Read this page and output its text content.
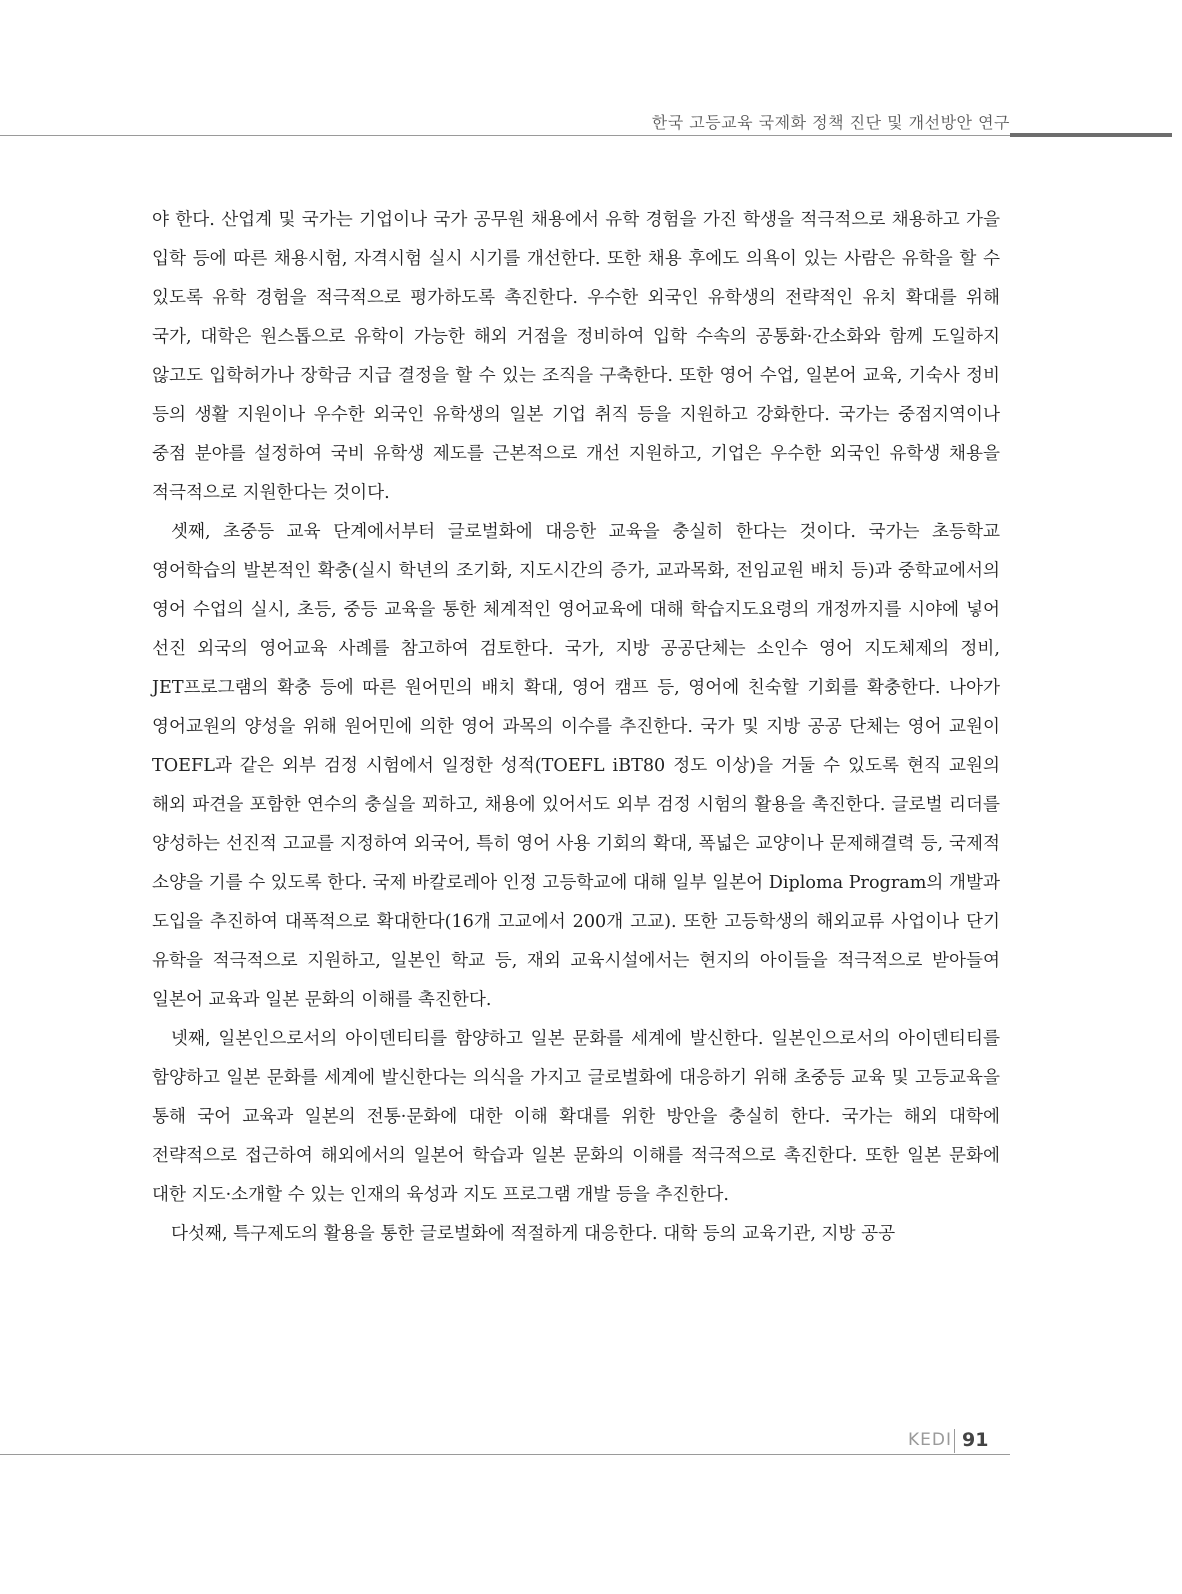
한국 고등교육 국제화 정책 진단 및 개선방안 연구

야 한다. 산업계 및 국가는 기업이나 국가 공무원 채용에서 유학 경험을 가진 학생을 적극적으로 채용하고 가을 입학 등에 따른 채용시험, 자격시험 실시 시기를 개선한다. 또한 채용 후에도 의욕이 있는 사람은 유학을 할 수 있도록 유학 경험을 적극적으로 평가하도록 촉진한다. 우수한 외국인 유학생의 전략적인 유치 확대를 위해 국가, 대학은 원스톱으로 유학이 가능한 해외 거점을 정비하여 입학 수속의 공통화·간소화와 함께 도일하지 않고도 입학허가나 장학금 지급 결정을 할 수 있는 조직을 구축한다. 또한 영어 수업, 일본어 교육, 기숙사 정비 등의 생활 지원이나 우수한 외국인 유학생의 일본 기업 취직 등을 지원하고 강화한다. 국가는 중점지역이나 중점 분야를 설정하여 국비 유학생 제도를 근본적으로 개선 지원하고, 기업은 우수한 외국인 유학생 채용을 적극적으로 지원한다는 것이다.

셋째, 초중등 교육 단계에서부터 글로벌화에 대응한 교육을 충실히 한다는 것이다. 국가는 초등학교 영어학습의 발본적인 확충(실시 학년의 조기화, 지도시간의 증가, 교과목화, 전임교원 배치 등)과 중학교에서의 영어 수업의 실시, 초등, 중등 교육을 통한 체계적인 영어교육에 대해 학습지도요령의 개정까지를 시야에 넣어 선진 외국의 영어교육 사례를 참고하여 검토한다. 국가, 지방 공공단체는 소인수 영어 지도체제의 정비, JET프로그램의 확충 등에 따른 원어민의 배치 확대, 영어 캠프 등, 영어에 친숙할 기회를 확충한다. 나아가 영어교원의 양성을 위해 원어민에 의한 영어 과목의 이수를 추진한다. 국가 및 지방 공공 단체는 영어 교원이 TOEFL과 같은 외부 검정 시험에서 일정한 성적(TOEFL iBT80 정도 이상)을 거둘 수 있도록 현직 교원의 해외 파견을 포함한 연수의 충실을 꾀하고, 채용에 있어서도 외부 검정 시험의 활용을 촉진한다. 글로벌 리더를 양성하는 선진적 고교를 지정하여 외국어, 특히 영어 사용 기회의 확대, 폭넓은 교양이나 문제해결력 등, 국제적 소양을 기를 수 있도록 한다. 국제 바칼로레아 인정 고등학교에 대해 일부 일본어 Diploma Program의 개발과 도입을 추진하여 대폭적으로 확대한다(16개 고교에서 200개 고교). 또한 고등학생의 해외교류 사업이나 단기 유학을 적극적으로 지원하고, 일본인 학교 등, 재외 교육시설에서는 현지의 아이들을 적극적으로 받아들여 일본어 교육과 일본 문화의 이해를 촉진한다.

넷째, 일본인으로서의 아이덴티티를 함양하고 일본 문화를 세계에 발신한다. 일본인으로서의 아이덴티티를 함양하고 일본 문화를 세계에 발신한다는 의식을 가지고 글로벌화에 대응하기 위해 초중등 교육 및 고등교육을 통해 국어 교육과 일본의 전통·문화에 대한 이해 확대를 위한 방안을 충실히 한다. 국가는 해외 대학에 전략적으로 접근하여 해외에서의 일본어 학습과 일본 문화의 이해를 적극적으로 촉진한다. 또한 일본 문화에 대한 지도·소개할 수 있는 인재의 육성과 지도 프로그램 개발 등을 추진한다.

다섯째, 특구제도의 활용을 통한 글로벌화에 적절하게 대응한다. 대학 등의 교육기관, 지방 공공

KEDI 91
